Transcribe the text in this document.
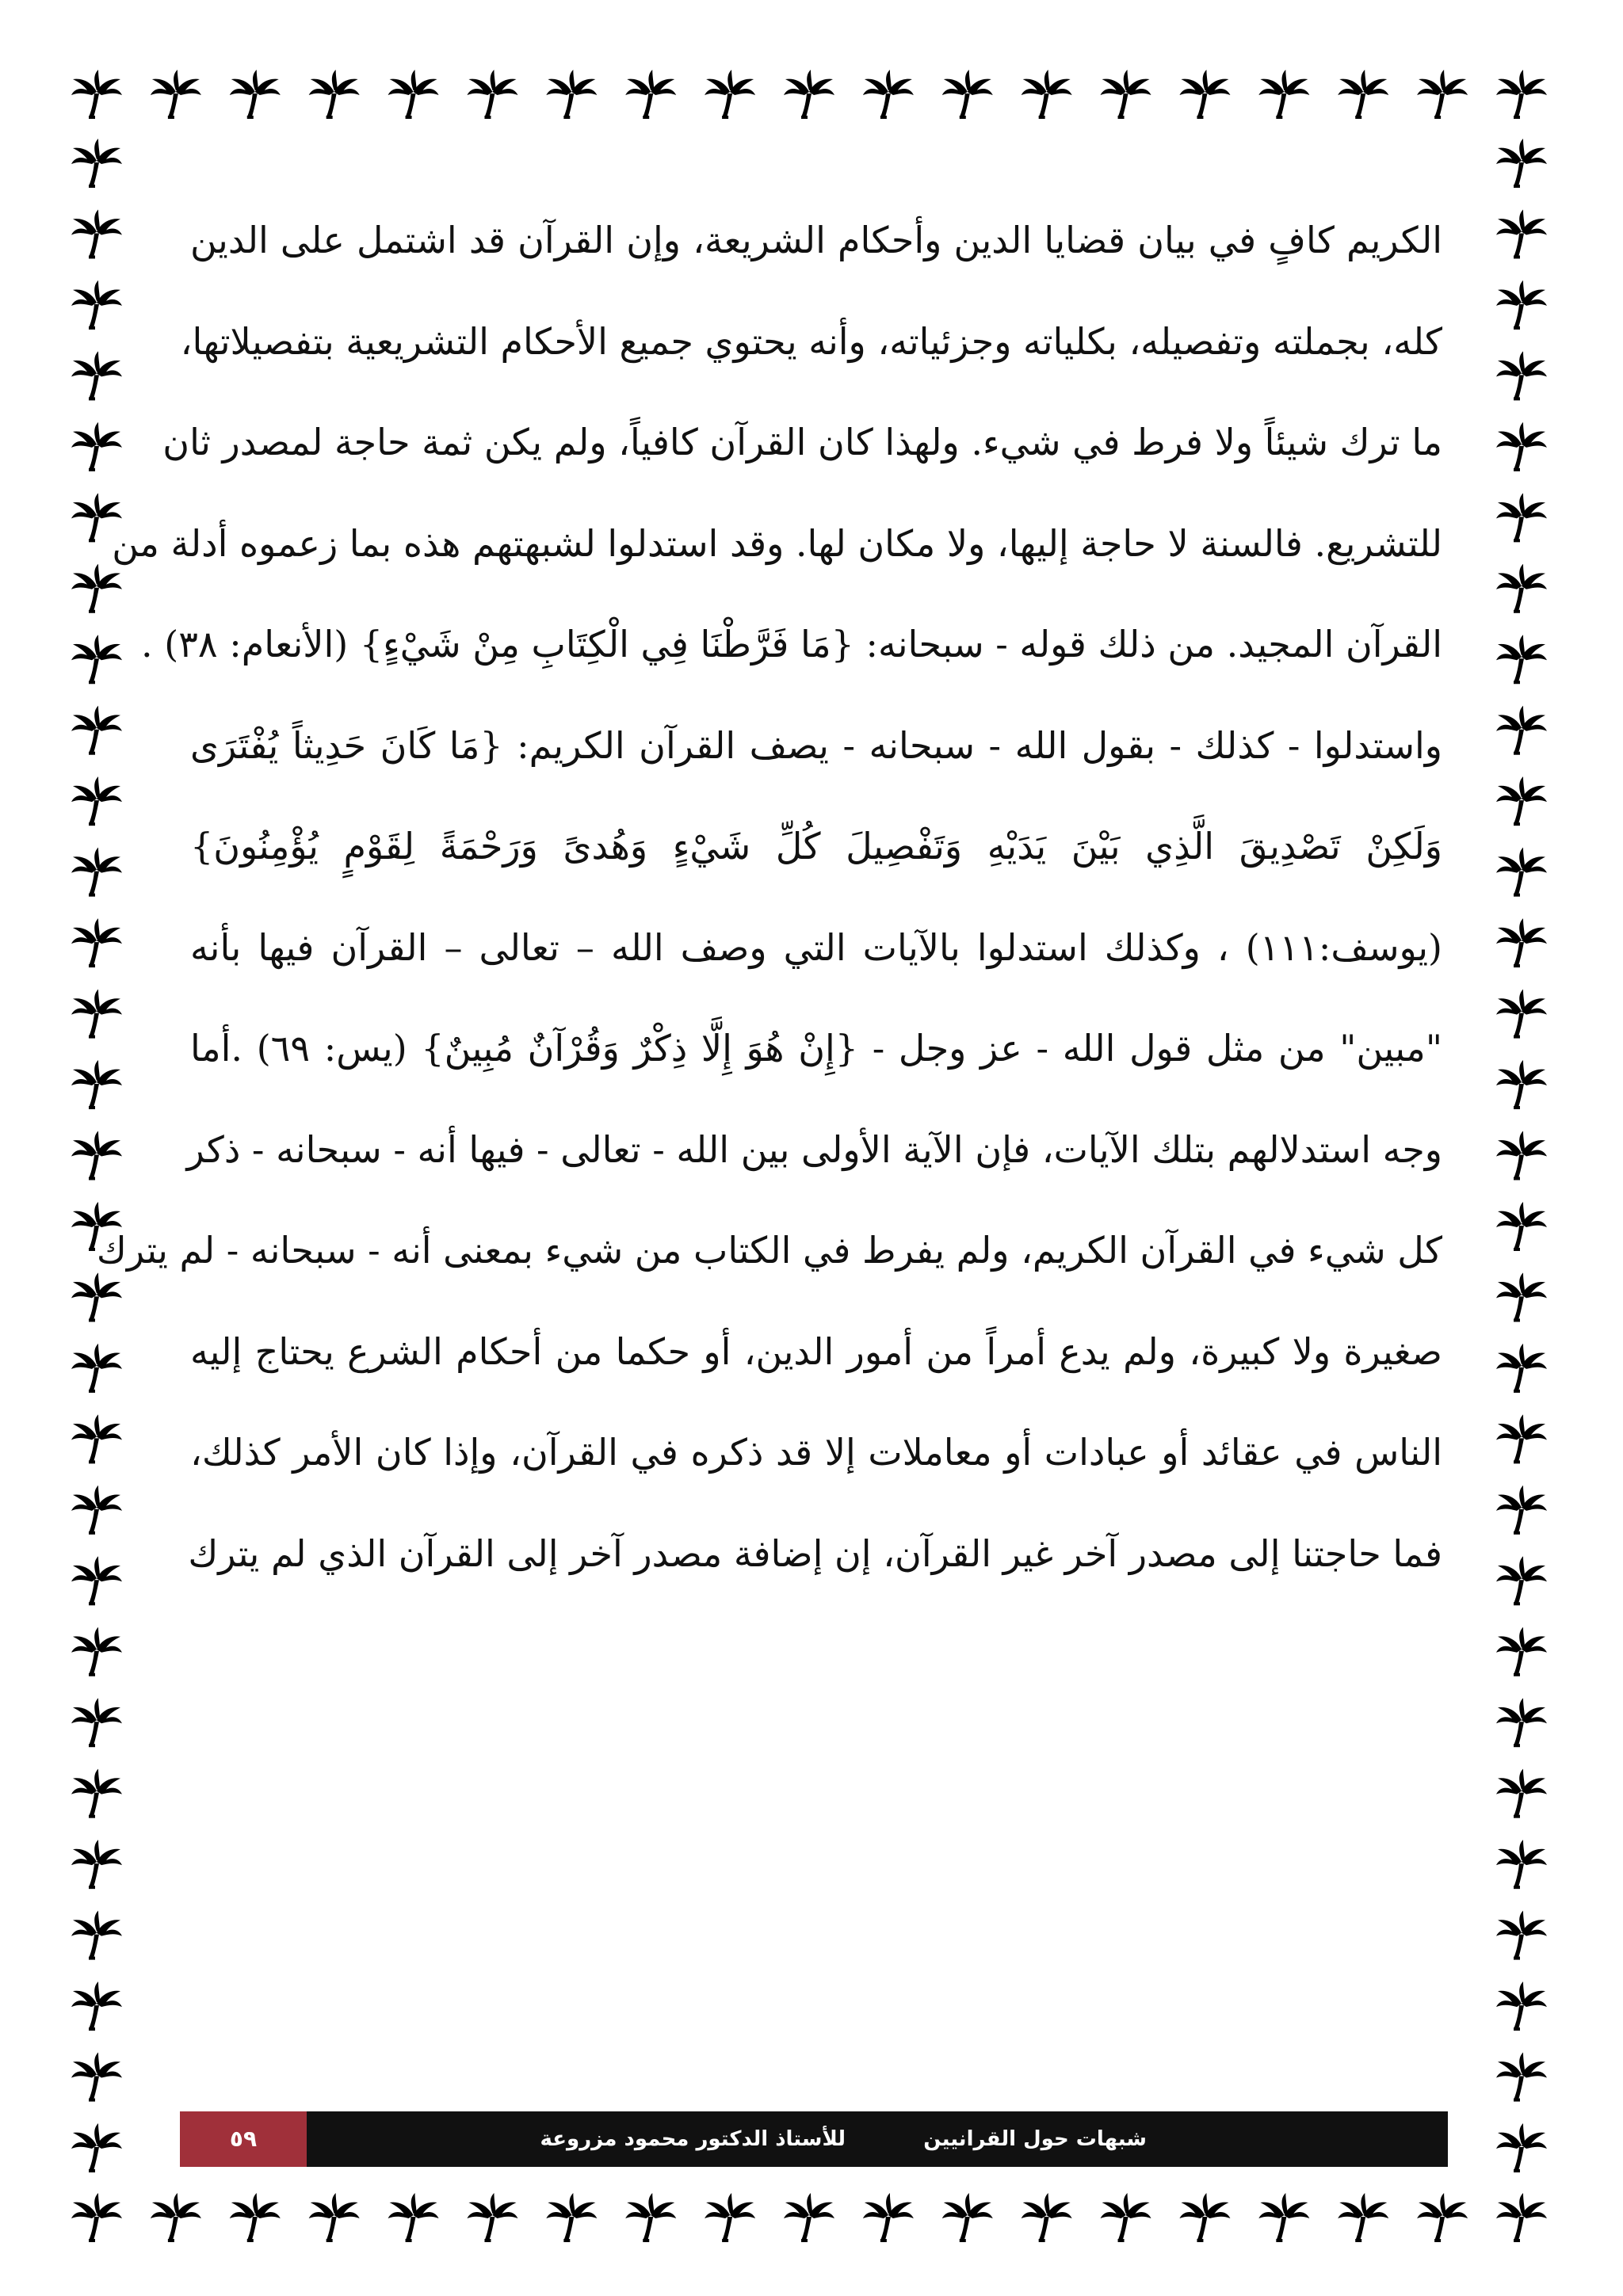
الكريم كافٍ في بيان قضايا الدين وأحكام الشريعة، وإن القرآن قد اشتمل على الدين
كله، بجملته وتفصيله، بكلياته وجزئياته، وأنه يحتوي جميع الأحكام التشريعية بتفصيلاتها،
ما ترك شيئاً ولا فرط في شيء. ولهذا كان القرآن كافياً، ولم يكن ثمة حاجة لمصدر ثان
للتشريع. فالسنة لا حاجة إليها، ولا مكان لها. وقد استدلوا لشبهتهم هذه بما زعموه أدلة من
القرآن المجيد. من ذلك قوله - سبحانه: {مَا فَرَّطْنَا فِي الْكِتَابِ مِنْ شَيْءٍ} (الأنعام: ٣٨) .
واستدلوا - كذلك - بقول الله - سبحانه - يصف القرآن الكريم: {مَا كَانَ حَدِيثاً يُفْتَرَى
وَلَكِنْ تَصْدِيقَ الَّذِي بَيْنَ يَدَيْهِ وَتَفْصِيلَ كُلِّ شَيْءٍ وَهُدىً وَرَحْمَةً لِقَوْمٍ يُؤْمِنُونَ}
(يوسف:١١١) ، وكذلك استدلوا بالآيات التي وصف الله – تعالى – القرآن فيها بأنه
"مبين" من مثل قول الله - عز وجل - {إِنْ هُوَ إِلَّا ذِكْرٌ وَقُرْآنٌ مُبِينٌ} (يس: ٦٩) .أما
وجه استدلالهم بتلك الآيات، فإن الآية الأولى بين الله - تعالى - فيها أنه - سبحانه - ذكر
كل شيء في القرآن الكريم، ولم يفرط في الكتاب من شيء بمعنى أنه - سبحانه - لم يترك
صغيرة ولا كبيرة، ولم يدع أمراً من أمور الدين، أو حكما من أحكام الشرع يحتاج إليه
الناس في عقائد أو عبادات أو معاملات إلا قد ذكره في القرآن، وإذا كان الأمر كذلك،
فما حاجتنا إلى مصدر آخر غير القرآن، إن إضافة مصدر آخر إلى القرآن الذي لم يترك
شبهات حول القرانيين
للأستاذ الدكتور محمود مزروعة
٥٩
